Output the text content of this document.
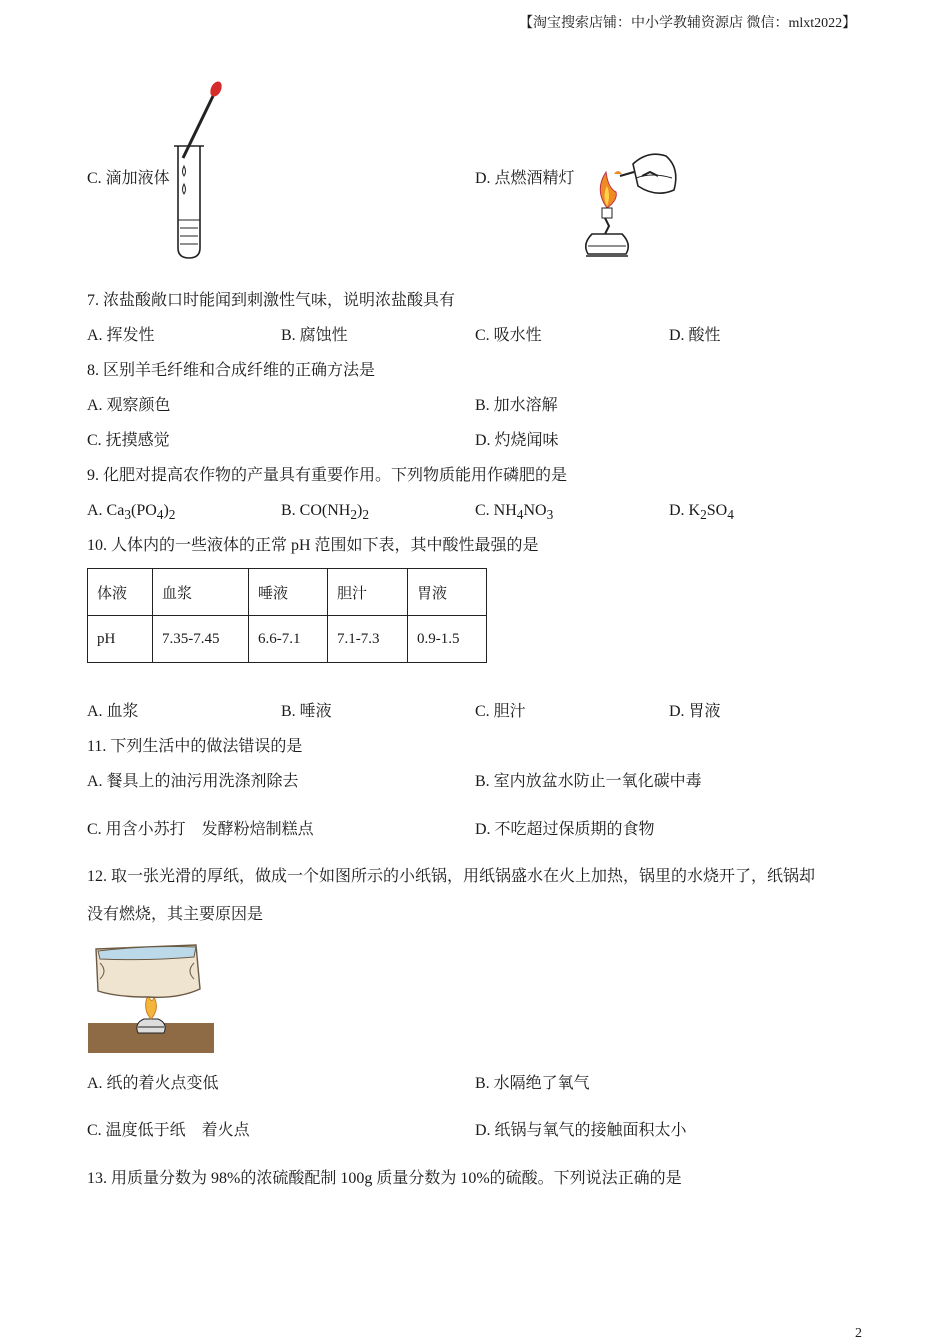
【淘宝搜索店铺：中小学教辅资源店 微信：mlxt2022】
C. 滴加液体	D. 点燃酒精灯
7. 浓盐酸敞口时能闻到刺激性气味，说明浓盐酸具有
A. 挥发性	B. 腐蚀性	C. 吸水性	D. 酸性
8. 区别羊毛纤维和合成纤维的正确方法是
A. 观察颜色	B. 加水溶解
C. 抚摸感觉	D. 灼烧闻味
9. 化肥对提高农作物的产量具有重要作用。下列物质能用作磷肥的是
A. $Ca_3(PO_4)_2$	B. $CO(NH_2)_2$	C. $NH_4NO_3$	D. $K_2SO_4$
10. 人体内的一些液体的正常 pH 范围如下表，其中酸性最强的是
体液	血浆	唾液	胆汁	胃液
pH	7.35-7.45	6.6-7.1	7.1-7.3	0.9-1.5
A. 血浆	B. 唾液	C. 胆汁	D. 胃液
11. 下列生活中的做法错误的是
A. 餐具上的油污用洗涤剂除去	B. 室内放盆水防止一氧化碳中毒
C. 用含小苏打    发酵粉焙制糕点	D. 不吃超过保质期的食物
12. 取一张光滑的厚纸，做成一个如图所示的小纸锅，用纸锅盛水在火上加热，锅里的水烧开了，纸锅却
没有燃烧，其主要原因是
A. 纸的着火点变低	B. 水隔绝了氧气
C. 温度低于纸    着火点	D. 纸锅与氧气的接触面积太小
13. 用质量分数为 98%的浓硫酸配制 100g 质量分数为 10%的硫酸。下列说法正确的是
2
